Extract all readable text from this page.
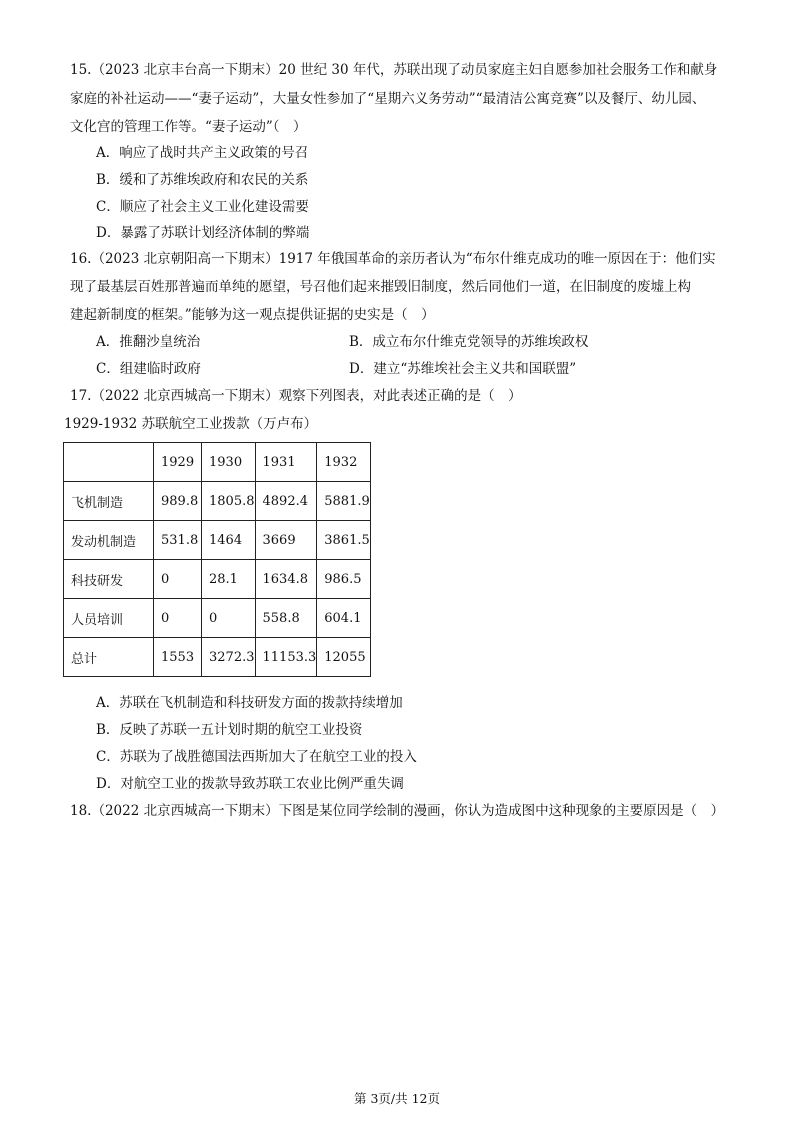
15.（2023 北京丰台高一下期末）20 世纪 30 年代，苏联出现了动员家庭主妇自愿参加社会服务工作和献身
家庭的补社运动——“妻子运动”，大量女性参加了“星期六义务劳动”“最清洁公寓竞赛”以及餐厅、幼儿园、
文化宫的管理工作等。“妻子运动”（　）
A．响应了战时共产主义政策的号召
B．缓和了苏维埃政府和农民的关系
C．顺应了社会主义工业化建设需要
D．暴露了苏联计划经济体制的弊端
16.（2023 北京朝阳高一下期末）1917 年俄国革命的亲历者认为“布尔什维克成功的唯一原因在于：他们实
现了最基层百姓那普遍而单纯的愿望，号召他们起来摧毁旧制度，然后同他们一道，在旧制度的废墟上构
建起新制度的框架。”能够为这一观点提供证据的史实是（　）
A．推翻沙皇统治	B．成立布尔什维克党领导的苏维埃政权
C．组建临时政府	D．建立“苏维埃社会主义共和国联盟”
17.（2022 北京西城高一下期末）观察下列图表，对此表述正确的是（　）
1929-1932 苏联航空工业拨款（万卢布）
	1929	1930	1931	1932
飞机制造	989.8	1805.8	4892.4	5881.9
发动机制造	531.8	1464	3669	3861.5
科技研发	0	28.1	1634.8	986.5
人员培训	0	0	558.8	604.1
总计	1553	3272.3	11153.3	12055
A．苏联在飞机制造和科技研发方面的拨款持续增加
B．反映了苏联一五计划时期的航空工业投资
C．苏联为了战胜德国法西斯加大了在航空工业的投入
D．对航空工业的拨款导致苏联工农业比例严重失调
18.（2022 北京西城高一下期末）下图是某位同学绘制的漫画，你认为造成图中这种现象的主要原因是（　）
第 3页/共 12页
